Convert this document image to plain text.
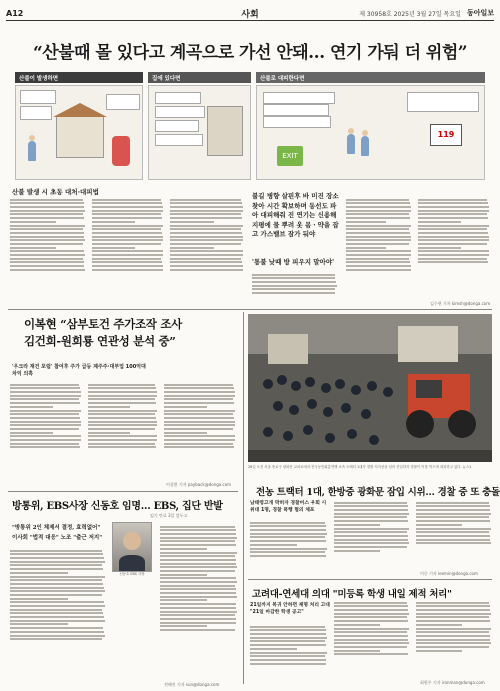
A12	사회	제 30958호 2025년 3월 27일 목요일 동아일보
“산불때 몰 있다고 계곡으로 가선 안돼… 연기 가둬 더 위험”
산불이 발생하면	집에 있다면	산불로 대피한다면
119
EXIT
산불 발생 시 초동 대처·대피법	불길 병향 살핀후 바 미진 장소 찾아 시간 확보하며 동선도 파아 대피해줘 진 연기는 신용해 지평에 물 뿌려 옷 몸ㆍ약을 잡고 가스밸브 잠가 둬야
'통불 낮때 방 피우지 말아야'
김수현 기자 kimsh@donga.com
이복현 “삼부토건 주가조작 조사
김건희-원희룡 연관성 분석 중”
'우크라 재건 포럼' 참여후 주가 급등 제주주·대부업 100억대 차익 의혹
이상환 기자 payback@donga.com
방통위, EBS사장 신동호 임명… EBS, 집단 반발
임기 만료 3일 앞두고
"방통위 2인 체제서 결정, 효력없어"
이사회 "법적 대응" 노조 "출근 저지"
신동호 EBS 사장
전혜진 기자 sun@donga.com
26일 오전 서울 종로구 광화문 교차로에서 전국농민회총연맹 소속 트랙터 1대가 경찰 저지선을 넘어 진입하자 경찰이 이를 막으며 대치하고 있다. 뉴스1
전농 트랙터 1대, 한방중 광화문 잠입 시위… 경찰 중 또 충돌
남태령고개 막히자 경찰버스 우회 시위대 1명, 경찰 폭행 혐의 체포
이중 기자 leemin@donga.com
고려대-연세대 의대 "미등록 학생 내일 제적 처리"
21일까지 복귀 안하면 제명 처리 고대 "21일 마감한 학생 공고"
최원주 기자 ironman@donga.com
